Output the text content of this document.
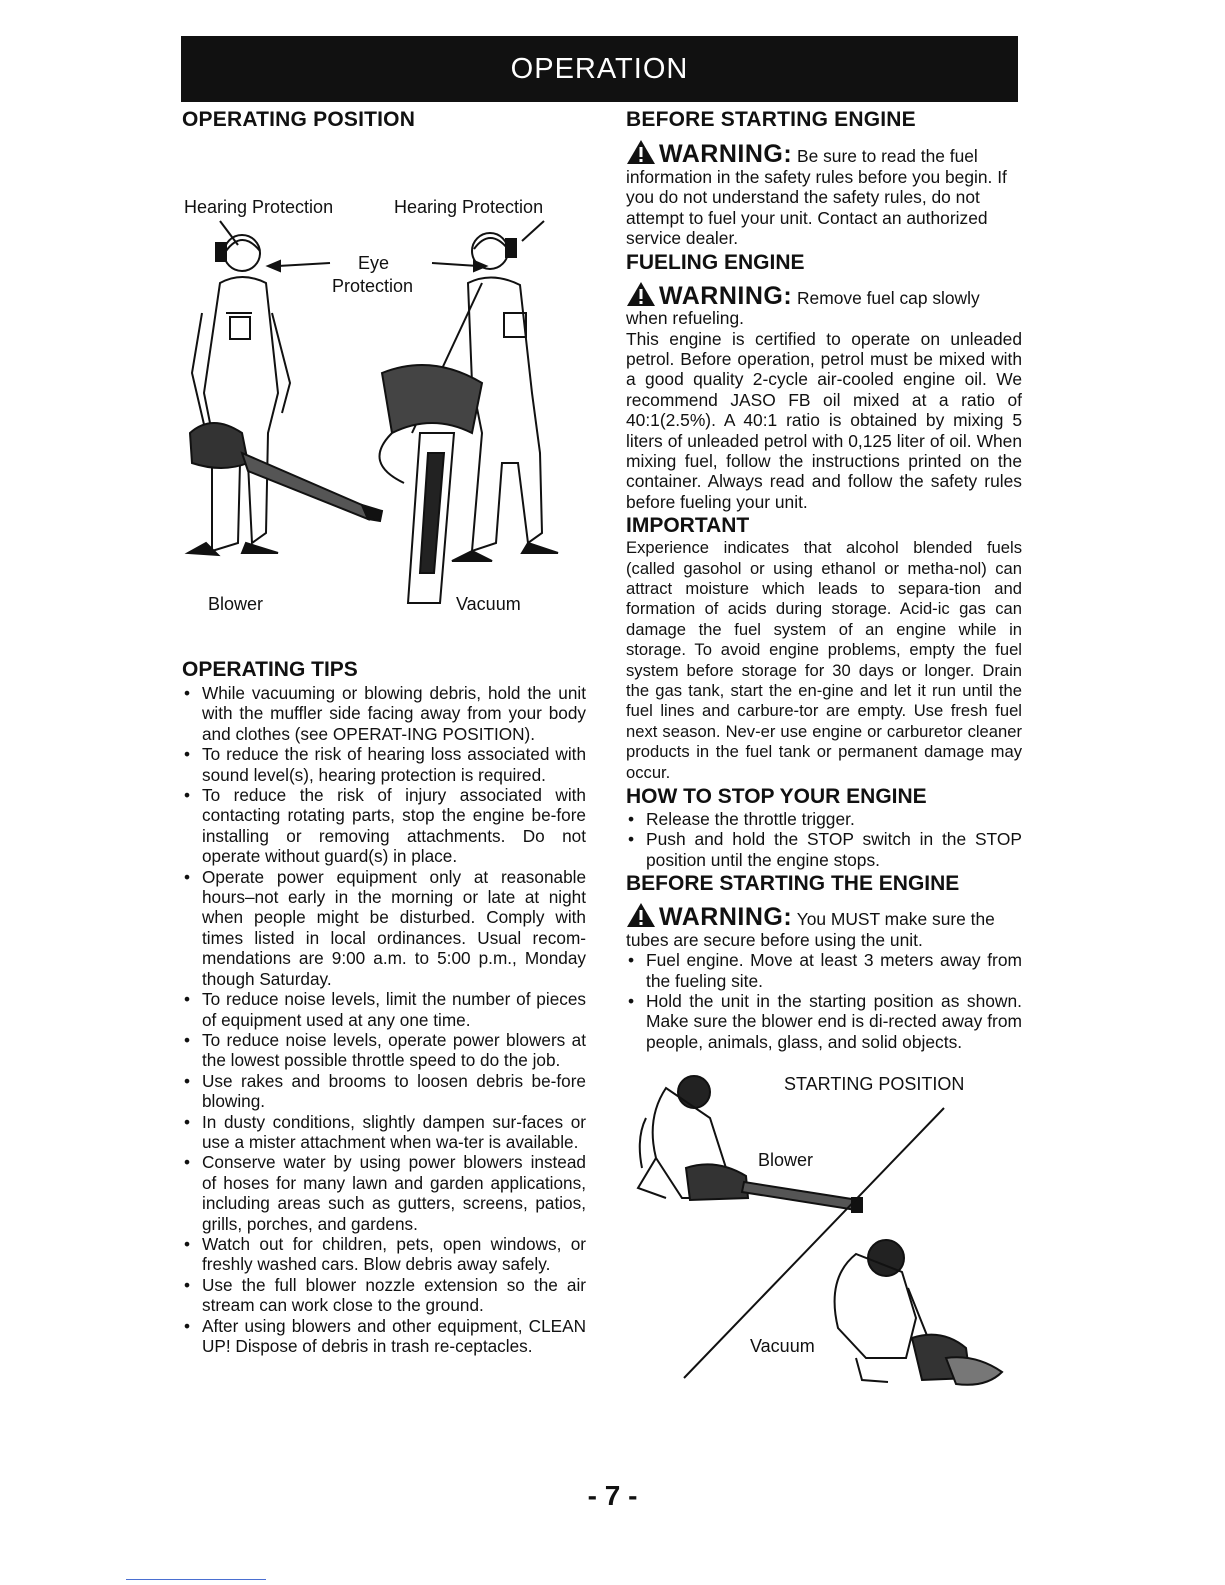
OPERATION
OPERATING POSITION
Hearing Protection	Hearing Protection
Eye
Protection
Blower	Vacuum
OPERATING TIPS
• While vacuuming or blowing debris, hold the unit with the muffler side facing away from your body and clothes (see OPERAT-ING POSITION).
• To reduce the risk of hearing loss associated with sound level(s), hearing protection is required.
• To reduce the risk of injury associated with contacting rotating parts, stop the engine be-fore installing or removing attachments. Do not operate without guard(s) in place.
• Operate power equipment only at reasonable hours–not early in the morning or late at night when people might be disturbed. Comply with times listed in local ordinances. Usual recom-mendations are 9:00 a.m. to 5:00 p.m., Monday though Saturday.
• To reduce noise levels, limit the number of pieces of equipment used at any one time.
• To reduce noise levels, operate power blowers at the lowest possible throttle speed to do the job.
• Use rakes and brooms to loosen debris be-fore blowing.
• In dusty conditions, slightly dampen sur-faces or use a mister attachment when wa-ter is available.
• Conserve water by using power blowers instead of hoses for many lawn and garden applications, including areas such as gutters, screens, patios, grills, porches, and gardens.
• Watch out for children, pets, open windows, or freshly washed cars. Blow debris away safely.
• Use the full blower nozzle extension so the air stream can work close to the ground.
• After using blowers and other equipment, CLEAN UP! Dispose of debris in trash re-ceptacles.
BEFORE STARTING ENGINE
WARNING: Be sure to read the fuel information in the safety rules before you begin. If you do not understand the safety rules, do not attempt to fuel your unit. Contact an authorized service dealer.
FUELING ENGINE
WARNING: Remove fuel cap slowly when refueling.
This engine is certified to operate on unleaded petrol. Before operation, petrol must be mixed with a good quality 2-cycle air-cooled engine oil. We recommend JASO FB oil mixed at a ratio of 40:1(2.5%). A 40:1 ratio is obtained by mixing 5 liters of unleaded petrol with 0,125 liter of oil. When mixing fuel, follow the instructions printed on the container. Always read and follow the safety rules before fueling your unit.
IMPORTANT
Experience indicates that alcohol blended fuels (called gasohol or using ethanol or metha-nol) can attract moisture which leads to separa-tion and formation of acids during storage. Acid-ic gas can damage the fuel system of an engine while in storage. To avoid engine problems, empty the fuel system before storage for 30 days or longer. Drain the gas tank, start the en-gine and let it run until the fuel lines and carbure-tor are empty. Use fresh fuel next season. Nev-er use engine or carburetor cleaner products in the fuel tank or permanent damage may occur.
HOW TO STOP YOUR ENGINE
• Release the throttle trigger.
• Push and hold the STOP switch in the STOP position until the engine stops.
BEFORE STARTING THE ENGINE
WARNING: You MUST make sure the tubes are secure before using the unit.
• Fuel engine. Move at least 3 meters away from the fueling site.
• Hold the unit in the starting position as shown. Make sure the blower end is di-rected away from people, animals, glass, and solid objects.
STARTING POSITION
Blower
Vacuum
- 7 -
